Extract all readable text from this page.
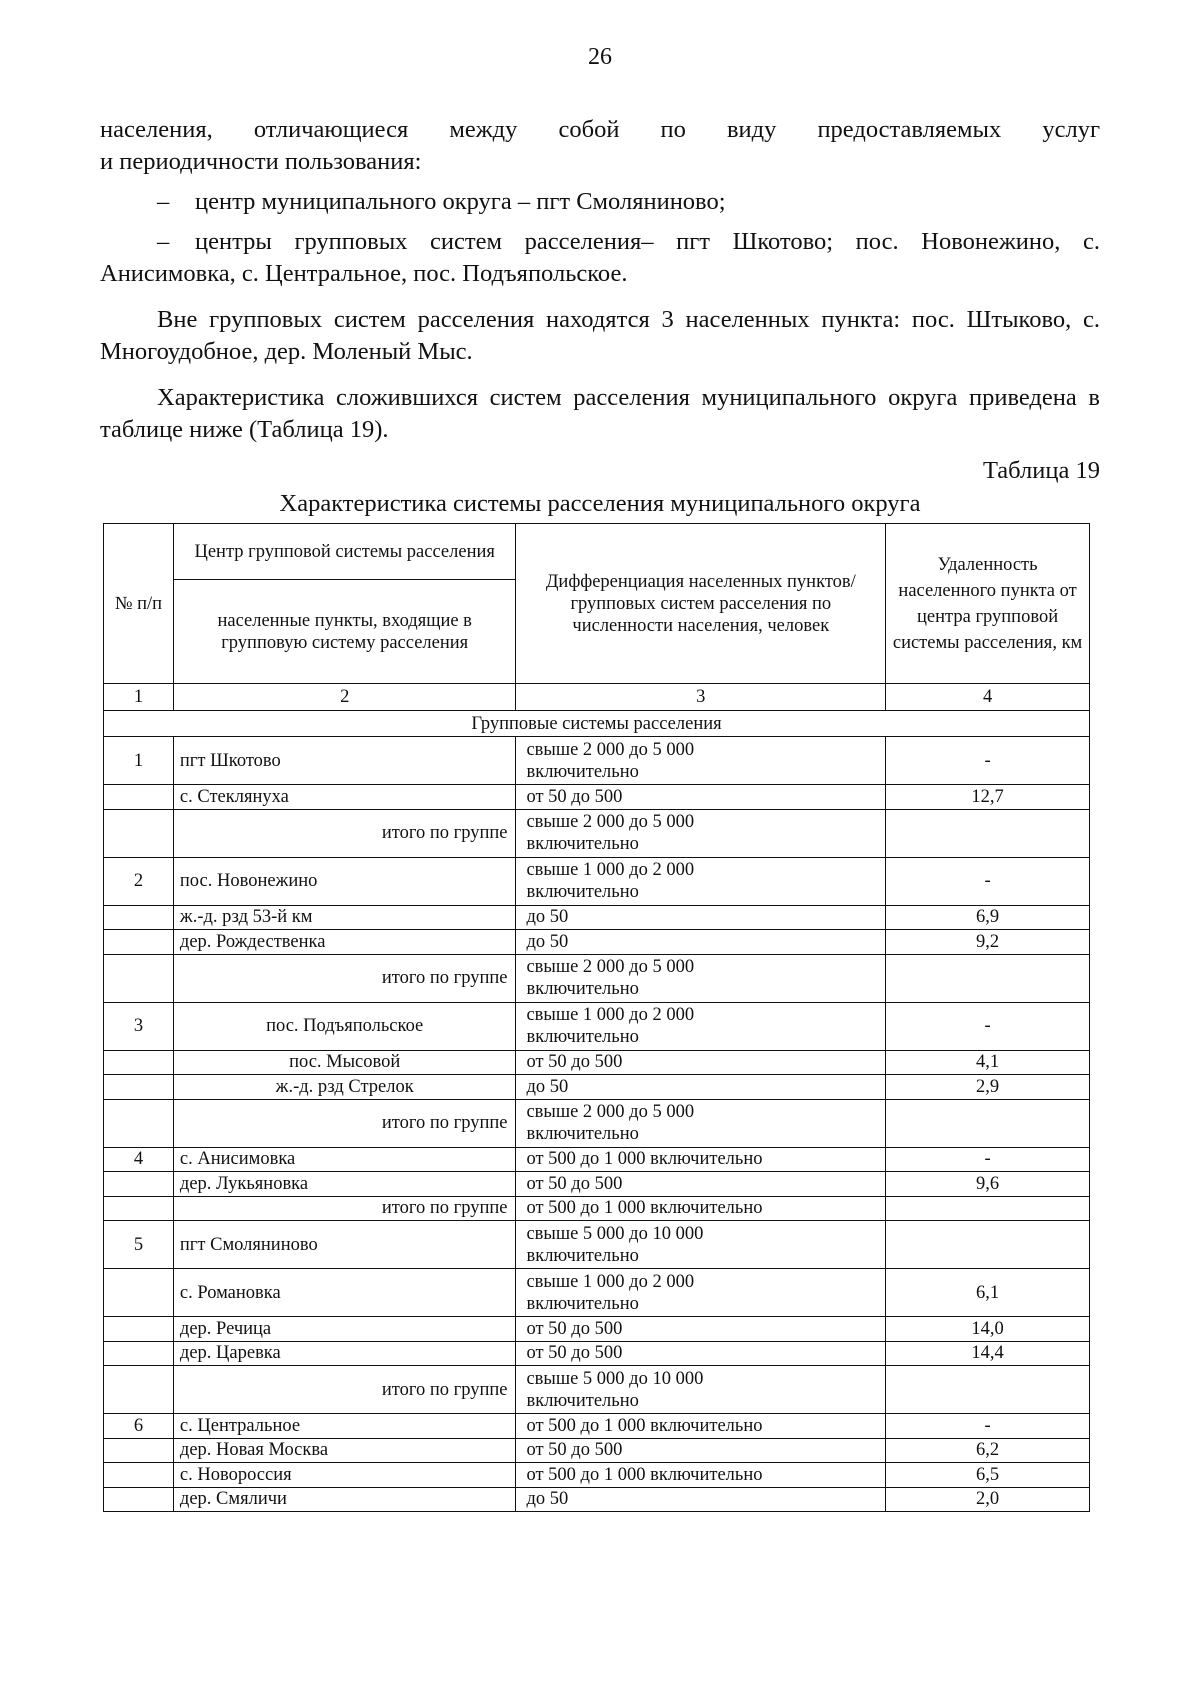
26

населения, отличающиеся между собой по виду предоставляемых услуг

и периодичности пользования:

– центр муниципального округа – пгт Смоляниново;

– центры групповых систем расселения– пгт Шкотово; пос. Новонежино, с. Анисимовка, с. Центральное, пос. Подъяпольское.

Вне групповых систем расселения находятся 3 населенных пункта: пос. Штыково, с. Многоудобное, дер. Моленый Мыс.

Характеристика сложившихся систем расселения муниципального округа приведена в таблице ниже (Таблица 19).

Таблица 19
Характеристика системы расселения муниципального округа
№ п/п	Центр групповой системы расселения	Дифференциация населенных пунктов/групповых систем расселения по численности населения, человек	Удаленность населенного пункта от центра групповой системы расселения, км
	населенные пункты, входящие в групповую систему расселения		
1	2	3	4
Групповые системы расселения			
1	пгт Шкотово	свыше 2 000 до 5 000 включительно	-
	с. Стеклянуха	от 50 до 500	12,7
	итого по группе	свыше 2 000 до 5 000 включительно	
2	пос. Новонежино	свыше 1 000 до 2 000 включительно	-
	ж.-д. рзд 53-й км	до 50	6,9
	дер. Рождественка	до 50	9,2
	итого по группе	свыше 2 000 до 5 000 включительно	
3	пос. Подъяпольское	свыше 1 000 до 2 000 включительно	-
	пос. Мысовой	от 50 до 500	4,1
	ж.-д. рзд Стрелок	до 50	2,9
	итого по группе	свыше 2 000 до 5 000 включительно	
4	с. Анисимовка	от 500 до 1 000 включительно	-
	дер. Лукьяновка	от 50 до 500	9,6
	итого по группе	от 500 до 1 000 включительно	
5	пгт Смоляниново	свыше 5 000 до 10 000 включительно	
	с. Романовка	свыше 1 000 до 2 000 включительно	6,1
	дер. Речица	от 50 до 500	14,0
	дер. Царевка	от 50 до 500	14,4
	итого по группе	свыше 5 000 до 10 000 включительно	
6	с. Центральное	от 500 до 1 000 включительно	-
	дер. Новая Москва	от 50 до 500	6,2
	с. Новороссия	от 500 до 1 000 включительно	6,5
	дер. Смяличи	до 50	2,0
